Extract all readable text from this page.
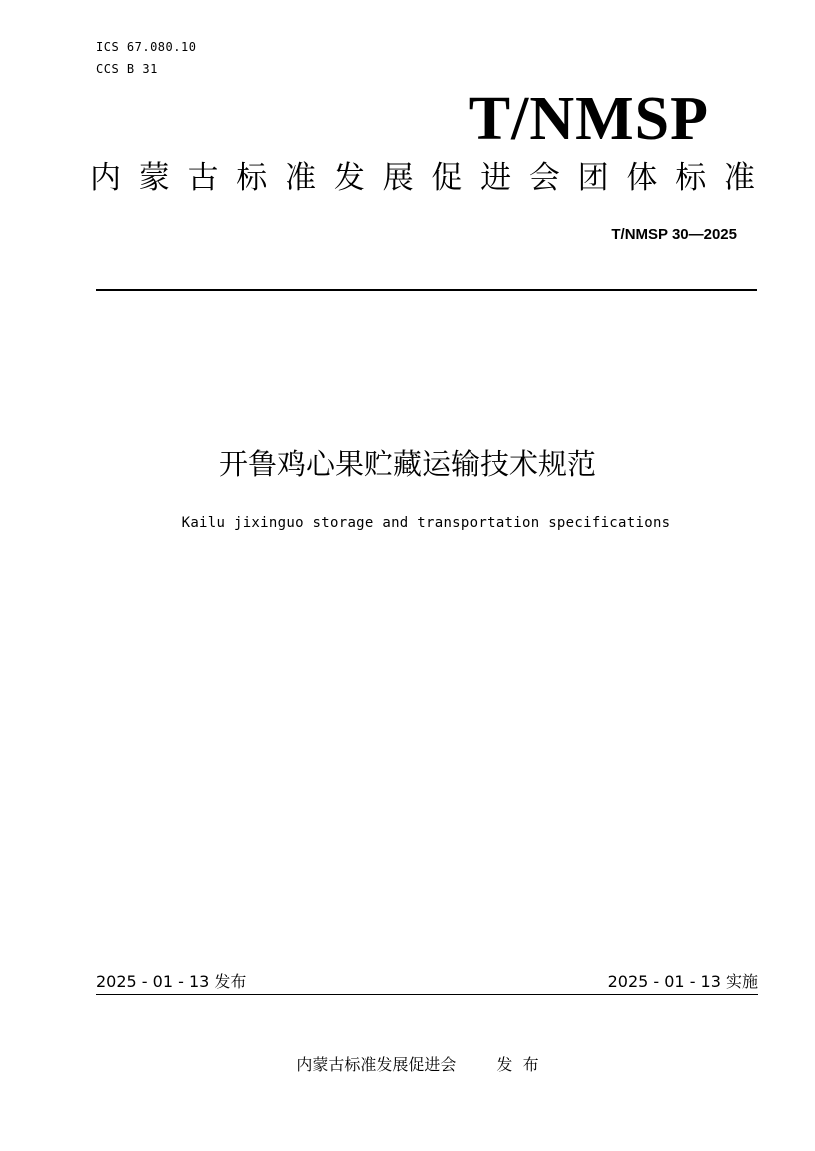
ICS 67.080.10
CCS B 31
T/NMSP
内 蒙 古 标 准 发 展 促 进 会 团 体 标 准
T/NMSP 30—2025
开鲁鸡心果贮藏运输技术规范
Kailu jixinguo storage and transportation specifications
2025 - 01 - 13 发布	2025 - 01 - 13 实施
内蒙古标准发展促进会	发  布
